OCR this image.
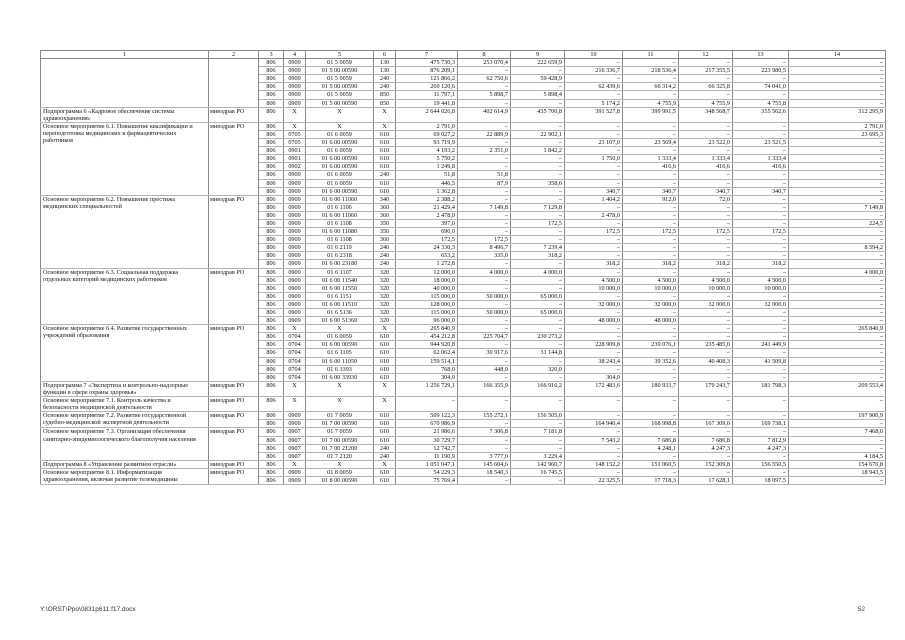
1	2	3	4	5	6	7	8	9	10	11	12	13	14
		806	0909	01 5 0059	130	475 730,3	253 070,4	222 659,9	–	–	–	–	–
		806	0909	01 5 00 00590	130	876 209,1	–	–	216 336,7	218 536,4	217 355,5	223 980,5	–
		806	0909	01 5 0059	240	121 866,2	62 750,6	59 428,9	–	–	–	–	–
		806	0909	01 5 00 00590	240	269 120,6	–	–	62 439,6	66 314,2	66 325,8	74 041,0	–
		806	0909	01 5 0059	850	11 797,1	5 898,7	5 898,4	–	–	–	–	–
		806	0909	01 5 00 00590	850	19 441,8	–	–	5 174,2	4 755,9	4 755,9	4 755,8	–
Подпрограмма 6 «Кадровое обеспечение системы здравоохранения»	минздрав РО	806	X	X	X	2 644 026,8	402 614,9	435 700,8	391 527,8	399 991,5	348 568,7	355 562,6	312 295,9
Основное мероприятие 6.1. Повышение квалификации и переподготовка медицинских и фармацевтических работников	минздрав РО	806	X	X	X	2 791,0	–	–	–	–	–	–	2 791,0
		806	0705	01 6 0059	610	69 027,2	22 889,9	22 902,1	–	–	–	–	23 695,3
		806	0705	01 6 00 00590	610	93 719,9	–	–	23 107,0	23 569,4	23 522,0	23 521,5	–
		806	0901	01 6 0059	610	4 193,2	2 351,0	1 842,2	–	–	–	–	–
		806	0901	01 6 00 00590	610	5 750,2	–	–	1 750,0	1 333,4	1 333,4	1 333,4	–
		806	0902	01 6 00 00590	610	1 249,8	–	–	–	416,6	416,6	416,6	–
		806	0909	01 6 0059	240	51,8	51,8	–	–	–	–	–	–
		806	0909	01 6 0059	610	446,5	87,9	358,6	–	–	–	–	–
		806	0909	01 6 00 00590	610	1 362,8	–	–	340,7	340,7	340,7	340,7	–
Основное мероприятие 6.2. Повышение престижа медицинских специальностей	минздрав РО	806	0909	01 6 00 11060	340	2 388,2	–	–	1 404,2	912,0	72,0	–	–
		806	0909	01 6 1106	360	21 429,4	7 149,8	7 129,8	–	–	–	–	7 149,8
		806	0909	01 6 00 11060	360	2 478,0	–	–	2 478,0	–	–	–	–
		806	0909	01 6 1108	350	397,0	–	172,5	–	–	–	–	224,5
		806	0909	01 6 00 11080	350	690,0	–	–	172,5	172,5	172,5	172,5	–
		806	0909	01 6 1108	360	172,5	172,5	–	–	–	–	–	–
		806	0909	01 6 2119	240	24 330,3	8 496,7	7 239,4	–	–	–	–	8 594,2
		806	0909	01 6 2318	240	653,2	335,0	318,2	–	–	–	–	–
		806	0909	01 6 00 23180	240	1 272,8	–	–	318,2	318,2	318,2	318,2	–
Основное мероприятие 6.3. Социальная поддержка отдельных категорий медицинских работников	минздрав РО	806	0909	01 6 1107	320	12 000,0	4 000,0	4 000,0	–	–	–	–	4 000,0
		806	0909	01 6 00 11540	320	18 000,0	–	–	4 500,0	4 500,0	4 500,0	4 500,0	–
		806	0909	01 6 00 11550	320	40 000,0	–	–	10 000,0	10 000,0	10 000,0	10 000,0	–
		806	0909	01 6 1151	320	115 000,0	50 000,0	65 000,0	–	–	–	–	–
		806	0909	01 6 00 11510	320	128 000,0	–	–	32 000,0	32 000,0	32 000,0	32 000,0	–
		806	0909	01 6 5136	320	115 000,0	50 000,0	65 000,0	–	–	–	–	–
		806	0909	01 6 00 51360	320	96 000,0	–	–	48 000,0	48 000,0	–	–	–
Основное мероприятие 6.4. Развитие государственных учреждений образования	минздрав РО	806	X	X	X	265 840,9	–	–	–	–	–	–	265 840,9
		806	0704	01 6 0059	610	454 212,8	225 704,7	230 273,2	–	–	–	–	–
		806	0704	01 6 00 00590	610	944 920,8	–	–	228 909,8	239 076,1	235 485,0	241 449,9	–
		806	0704	01 6 1105	610	62 062,4	30 917,6	31 144,8	–	–	–	–	–
		806	0704	01 6 00 11050	610	159 514,1	–	–	38 243,4	39 352,6	40 408,3	41 509,8	–
		806	0704	01 6 3393	610	768,0	448,0	320,0	–	–	–	–	–
		806	0704	01 6 00 33930	610	304,0	–	–	304,0	–	–	–	–
Подпрограмма 7 «Экспертиза и контрольно-надзорные функции в сфере охраны здоровья»	минздрав РО	806	X	X	X	1 256 729,1	166 355,9	166 916,2	172 483,6	180 933,7	179 243,7	181 798,3	209 553,4
Основное мероприятие 7.1. Контроль качества и безопасности медицинской деятельности	минздрав РО	806	X	X	X	–	–	–	–	–	–	–	–
Основное мероприятие 7.2. Развитие государственной судебно-медицинской экспертной деятельности	минздрав РО	806	0909	01 7 0059	610	509 122,3	155 272,1	156 505,0	–	–	–	–	197 900,9
		806	0909	01 7 00 00590	610	670 986,9	–	–	164 940,4	168 998,8	167 309,6	169 738,1	–
Основное мероприятие 7.3. Организация обеспечения санитарно-эпидемиологического благополучия населения	минздрав РО	806	0907	01 7 0059	610	21 986,6	7 306,8	7 181,8	–	–	–	–	7 468,0
		806	0907	01 7 00 00590	610	30 729,7	–	–	7 543,2	7 686,8	7 686,8	7 812,9	–
		806	0907	01 7 00 21200	240	12 742,7	–	–	–	4 248,1	4 247,3	4 247,3	–
		806	0907	01 7 2120	240	11 190,9	3 777,0	3 229,4	–	–	–	–	4 184,5
Подпрограмма 8 «Управление развитием отрасли»	минздрав РО	806	X	X	X	1 051 047,1	145 604,6	142 960,7	148 152,2	151 060,5	152 309,8	156 550,5	154 676,8
Основное мероприятие 8.1. Информатизация здравоохранения, включая развитие телемедицины	минздрав РО	806	0909	01 8 0059	610	54 229,3	18 540,3	16 745,5	–	–	–	–	18 943,5
		806	0909	01 8 00 00590	610	75 769,4	–	–	22 325,5	17 718,3	17 628,1	18 097,5	–
Y:\ORST\Ppo\0831p611.f17.docx	52
